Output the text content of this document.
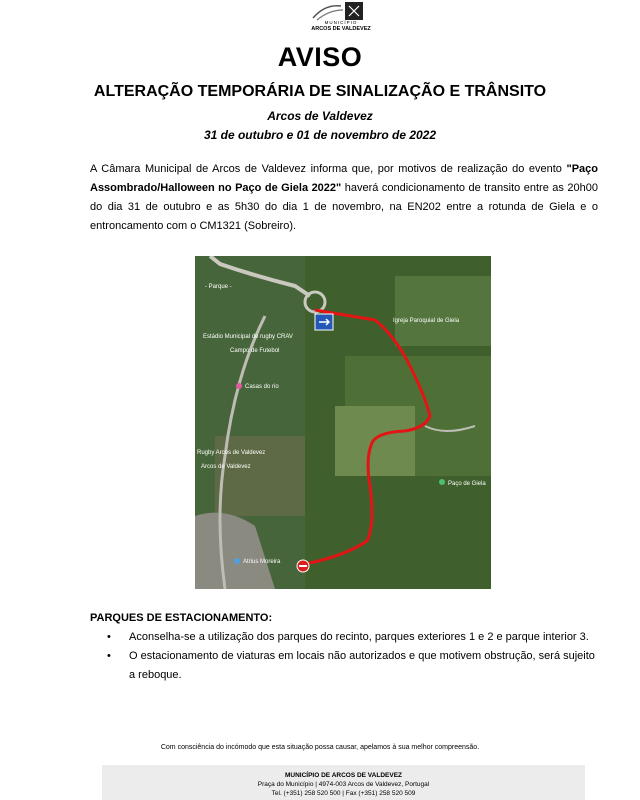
MUNICÍPIO
ARCOS DE VALDEVEZ
AVISO
ALTERAÇÃO TEMPORÁRIA DE SINALIZAÇÃO E TRÂNSITO
Arcos de Valdevez
31 de outubro e 01 de novembro de 2022
A Câmara Municipal de Arcos de Valdevez informa que, por motivos de realização do evento "Paço Assombrado/Halloween no Paço de Giela 2022" haverá condicionamento de transito entre as 20h00 do dia 31 de outubro e as 5h30 do dia 1 de novembro, na EN202 entre a rotunda de Giela e o entroncamento com o CM1321 (Sobreiro).
- Parque -
Estádio Municipal de rugby CRAV
Campo de Futebol
Casas do rio
Igreja Paroquial de Giela
Rugby Arcos de Valdevez
Arcos de Valdevez
Paço de Giela
Atrius Moreira
PARQUES DE ESTACIONAMENTO:
• Aconselha-se a utilização dos parques do recinto, parques exteriores 1 e 2 e parque interior 3.
• O estacionamento de viaturas em locais não autorizados e que motivem obstrução, será sujeito a reboque.
Com consciência do incómodo que esta situação possa causar, apelamos à sua melhor compreensão.
MUNICÍPIO DE ARCOS DE VALDEVEZ
Praça do Município | 4974-003 Arcos de Valdevez, Portugal
Tel. (+351) 258 520 500 | Fax (+351) 258 520 509
